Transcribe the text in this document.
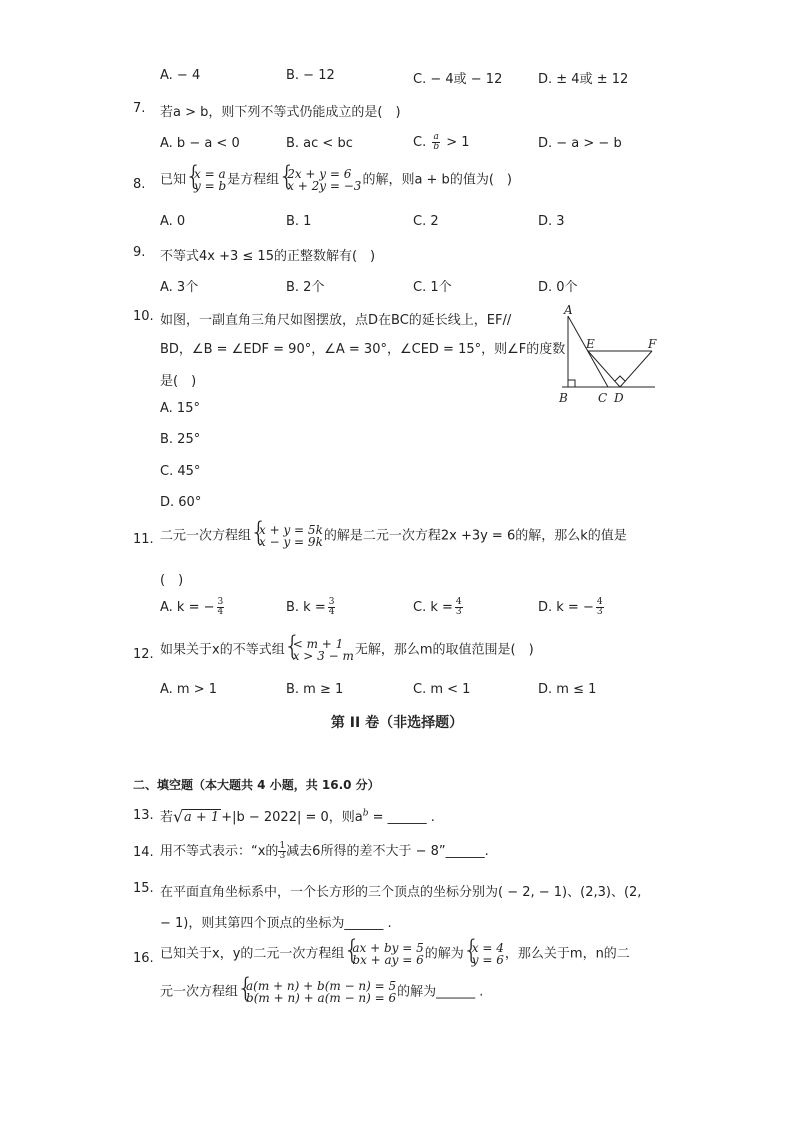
A. − 4	B. − 12	C. − 4或 − 12	D. ± 4或 ± 12
7. 若a > b，则下列不等式仍能成立的是(　)
A. b − a < 0	B. ac < bc	C. $\frac{a}{b} > 1$	D. − a > − b
8. 已知 { x = a
y = b 是方程组 { 2x + y = 6
x + 2y = −3 的解，则a + b的值为(　)
A. 0	B. 1	C. 2	D. 3
9. 不等式4x +3 ≤ 15的正整数解有(　)
A. 3个	B. 2个	C. 1个	D. 0个
10. 如图，一副直角三角尺如图摆放，点D在BC的延长线上，EF//
BD，∠B = ∠EDF = 90°，∠A = 30°，∠CED = 15°，则∠F的度数
是(　)
A. 15°
B. 25°
C. 45°
D. 60°
A
B	C D
E	F
11. 二元一次方程组 { x + y = 5k
x − y = 9k 的解是二元一次方程2x +3y = 6的解，那么k的值是
(　)
A. k = − $\frac{3}{4}$	B. $k = \frac{3}{4}$	C. $k = \frac{4}{3}$	D. k = − $\frac{4}{3}$
12. 如果关于x的不等式组 { < m + 1
x > 3 − m 无解，那么m的取值范围是(　)
A. m > 1	B. m ≥ 1	C. m < 1	D. m ≤ 1
第 II 卷（非选择题）
二、填空题（本大题共 4 小题，共 16.0 分）
13. 若 √ a + 1 +|b − 2022| = 0，则$a^b$ = ______ .
14. 用不等式表示：“x的 $\frac{1}{3}$ 减去6所得的差不大于 − 8”______.
15. 在平面直角坐标系中，一个长方形的三个顶点的坐标分别为( − 2, − 1)、(2,3)、(2,
− 1)，则其第四个顶点的坐标为______ .
16. 已知关于x，y的二元一次方程组 { ax + by = 5
bx + ay = 6 的解为 { x = 4
y = 6 ，那么关于m，n的二
元一次方程组 { a(m + n) + b(m − n) = 5
b(m + n) + a(m − n) = 6 的解为______ .
